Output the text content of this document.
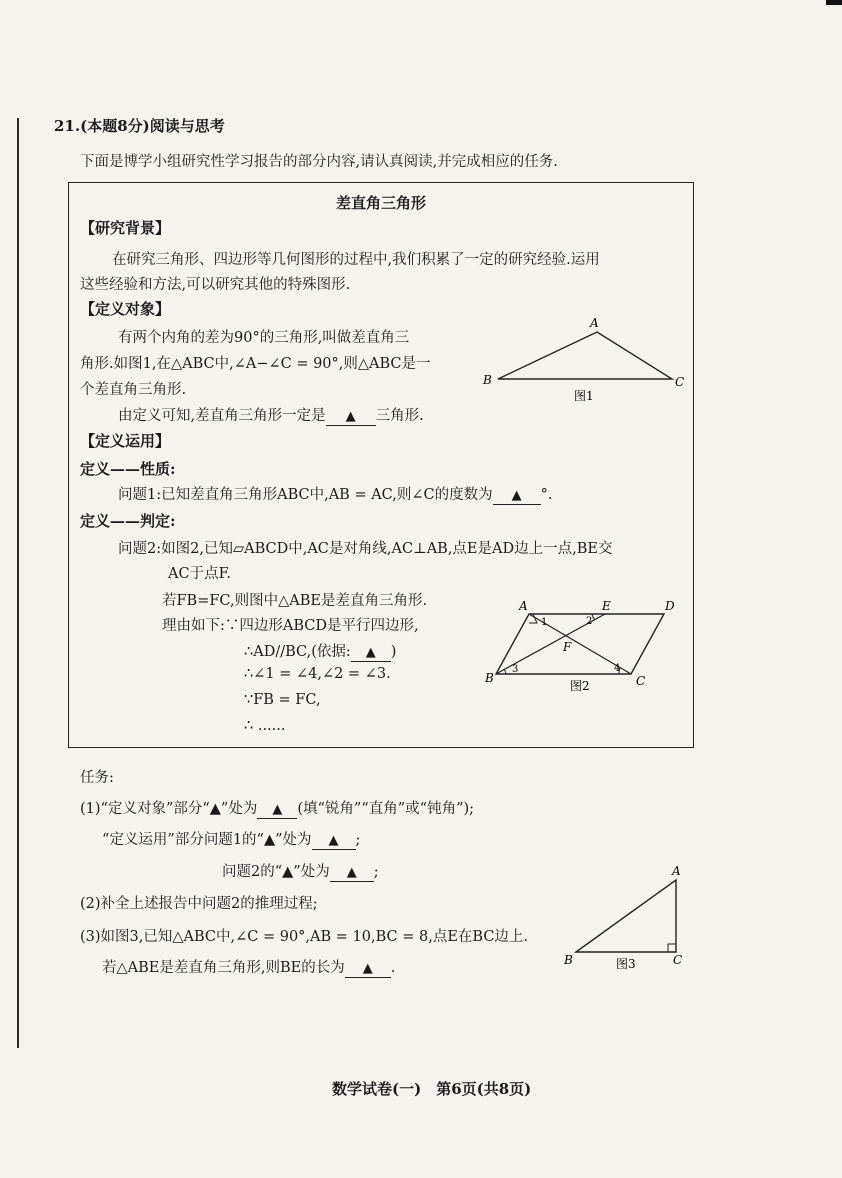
21.(本题8分)阅读与思考
下面是博学小组研究性学习报告的部分内容,请认真阅读,并完成相应的任务.
差直角三角形
【研究背景】
在研究三角形、四边形等几何图形的过程中,我们积累了一定的研究经验.运用
这些经验和方法,可以研究其他的特殊图形.
【定义对象】
有两个内角的差为90°的三角形,叫做差直角三
角形.如图1,在△ABC中,∠A−∠C = 90°,则△ABC是一
个差直角三角形.
由定义可知,差直角三角形一定是 ▲ 三角形.
【定义运用】
定义——性质:
问题1:已知差直角三角形ABC中,AB = AC,则∠C的度数为 ▲ °.
定义——判定:
问题2:如图2,已知▱ABCD中,AC是对角线,AC⊥AB,点E是AD边上一点,BE交
AC于点F.
若FB=FC,则图中△ABE是差直角三角形.
理由如下:∵四边形ABCD是平行四边形,
∴AD//BC,(依据: ▲ )
∴∠1 = ∠4,∠2 = ∠3.
∵FB = FC,
∴ ......
A
B	C
图1
A	E	D
B	C
F
1	2
3	4
图2
任务:
(1)“定义对象”部分“▲”处为 ▲ (填“锐角”“直角”或“钝角”);
“定义运用”部分问题1的“▲”处为 ▲ ;
问题2的“▲”处为 ▲ ;
(2)补全上述报告中问题2的推理过程;
(3)如图3,已知△ABC中,∠C = 90°,AB = 10,BC = 8,点E在BC边上.
若△ABE是差直角三角形,则BE的长为 ▲ .
A
B	C
图3
数学试卷(一)　第6页(共8页)
